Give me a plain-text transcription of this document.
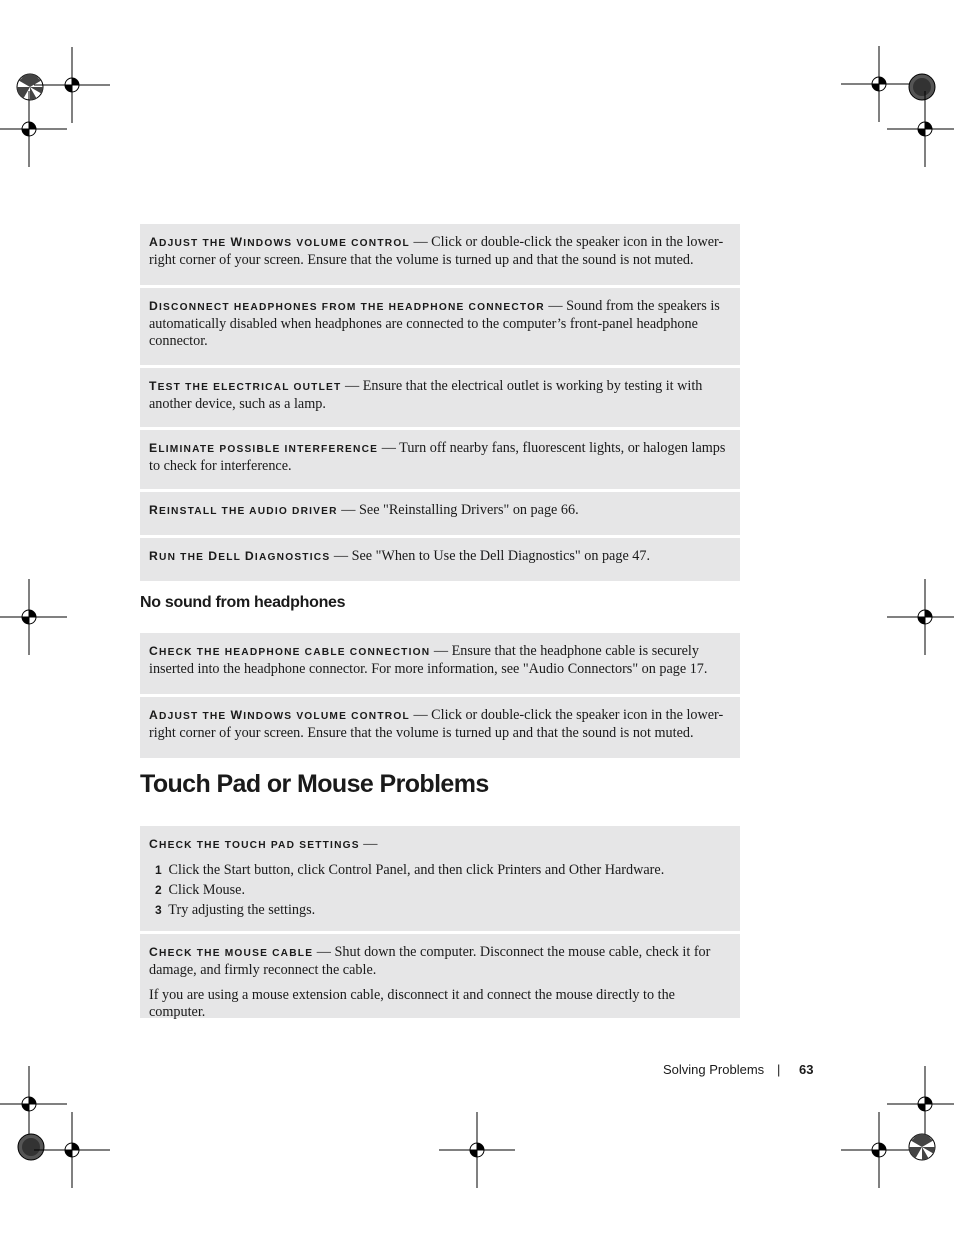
ADJUST THE WINDOWS VOLUME CONTROL — Click or double-click the speaker icon in the lower-right corner of your screen. Ensure that the volume is turned up and that the sound is not muted.

DISCONNECT HEADPHONES FROM THE HEADPHONE CONNECTOR — Sound from the speakers is automatically disabled when headphones are connected to the computer’s front-panel headphone connector.

TEST THE ELECTRICAL OUTLET — Ensure that the electrical outlet is working by testing it with another device, such as a lamp.

ELIMINATE POSSIBLE INTERFERENCE — Turn off nearby fans, fluorescent lights, or halogen lamps to check for interference.

REINSTALL THE AUDIO DRIVER — See "Reinstalling Drivers" on page 66.

RUN THE DELL DIAGNOSTICS — See "When to Use the Dell Diagnostics" on page 47.

No sound from headphones

CHECK THE HEADPHONE CABLE CONNECTION — Ensure that the headphone cable is securely inserted into the headphone connector. For more information, see "Audio Connectors" on page 17.

ADJUST THE WINDOWS VOLUME CONTROL — Click or double-click the speaker icon in the lower-right corner of your screen. Ensure that the volume is turned up and that the sound is not muted.

Touch Pad or Mouse Problems

CHECK THE TOUCH PAD SETTINGS —

1 Click the Start button, click Control Panel, and then click Printers and Other Hardware.
2 Click Mouse.
3 Try adjusting the settings.

CHECK THE MOUSE CABLE — Shut down the computer. Disconnect the mouse cable, check it for damage, and firmly reconnect the cable.

If you are using a mouse extension cable, disconnect it and connect the mouse directly to the computer.

Solving Problems | 63
